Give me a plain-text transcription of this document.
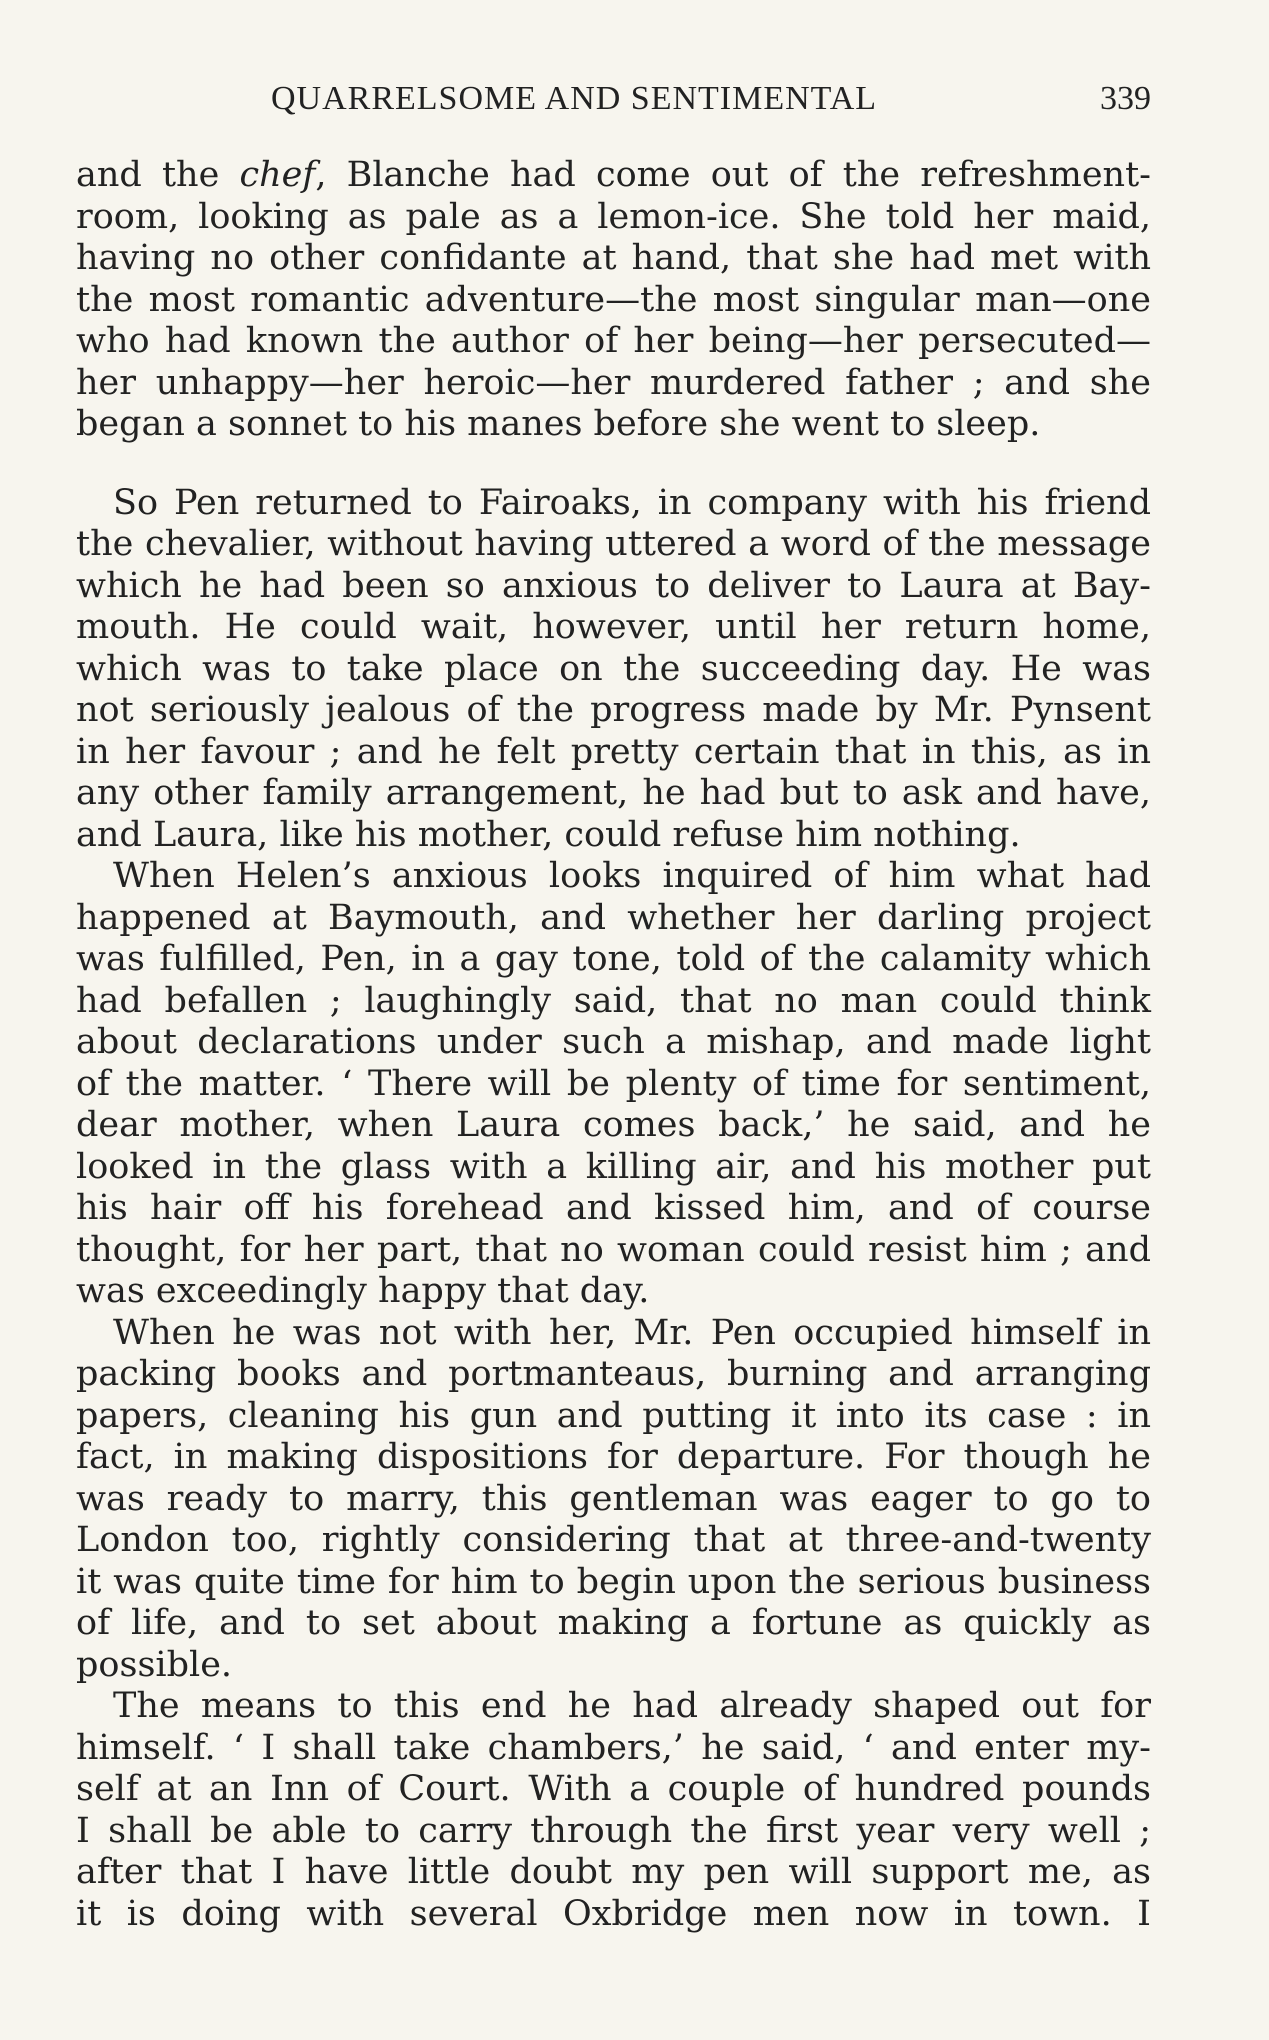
QUARRELSOME AND SENTIMENTAL	339
and the chef, Blanche had come out of the refreshment-
room, looking as pale as a lemon-ice. She told her maid,
having no other confidante at hand, that she had met with
the most romantic adventure—the most singular man—one
who had known the author of her being—her persecuted—
her unhappy—her heroic—her murdered father ; and she
began a sonnet to his manes before she went to sleep.
So Pen returned to Fairoaks, in company with his friend
the chevalier, without having uttered a word of the message
which he had been so anxious to deliver to Laura at Bay-
mouth. He could wait, however, until her return home,
which was to take place on the succeeding day. He was
not seriously jealous of the progress made by Mr. Pynsent
in her favour ; and he felt pretty certain that in this, as in
any other family arrangement, he had but to ask and have,
and Laura, like his mother, could refuse him nothing.
When Helen’s anxious looks inquired of him what had
happened at Baymouth, and whether her darling project
was fulfilled, Pen, in a gay tone, told of the calamity which
had befallen ; laughingly said, that no man could think
about declarations under such a mishap, and made light
of the matter. ‘ There will be plenty of time for sentiment,
dear mother, when Laura comes back,’ he said, and he
looked in the glass with a killing air, and his mother put
his hair off his forehead and kissed him, and of course
thought, for her part, that no woman could resist him ; and
was exceedingly happy that day.
When he was not with her, Mr. Pen occupied himself in
packing books and portmanteaus, burning and arranging
papers, cleaning his gun and putting it into its case : in
fact, in making dispositions for departure. For though he
was ready to marry, this gentleman was eager to go to
London too, rightly considering that at three-and-twenty
it was quite time for him to begin upon the serious business
of life, and to set about making a fortune as quickly as
possible.
The means to this end he had already shaped out for
himself. ‘ I shall take chambers,’ he said, ‘ and enter my-
self at an Inn of Court. With a couple of hundred pounds
I shall be able to carry through the first year very well ;
after that I have little doubt my pen will support me, as
it is doing with several Oxbridge men now in town. I
